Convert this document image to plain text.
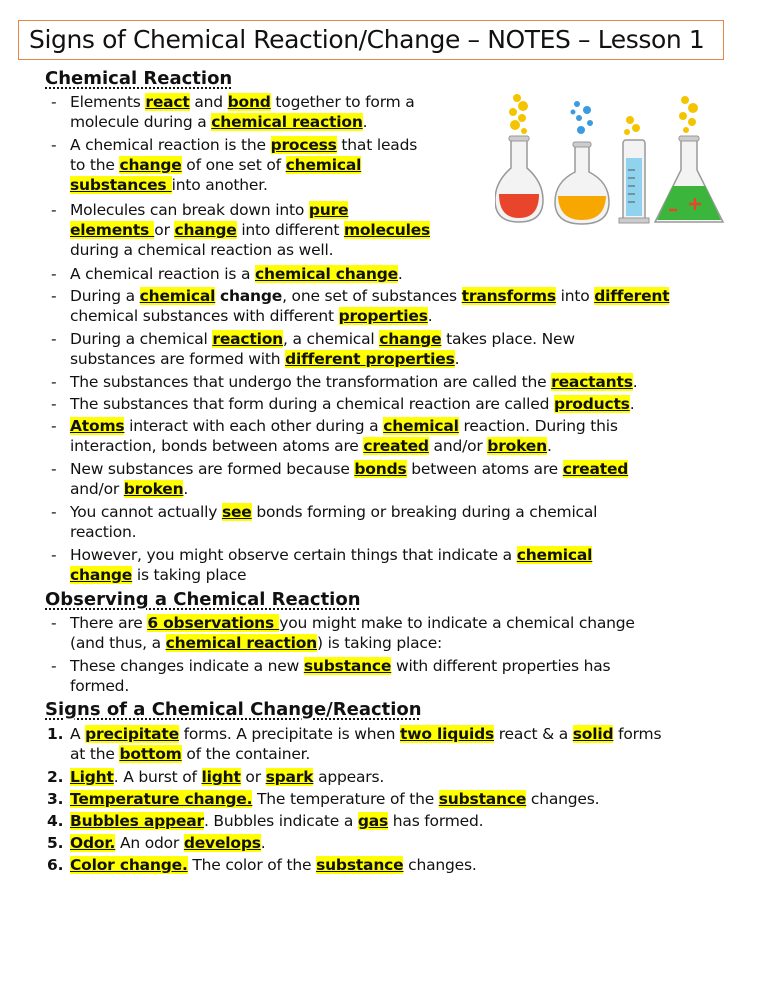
Signs of Chemical Reaction/Change – NOTES – Lesson 1
Chemical Reaction
- Elements react and bond together to form a
molecule during a chemical reaction.
- A chemical reaction is the process that leads
to the change of one set of chemical
substances into another.
- Molecules can break down into pure
elements or change into different molecules
during a chemical reaction as well.
- A chemical reaction is a chemical change.
- During a chemical change, one set of substances transforms into different
chemical substances with different properties.
- During a chemical reaction, a chemical change takes place. New
substances are formed with different properties.
- The substances that undergo the transformation are called the reactants.
- The substances that form during a chemical reaction are called products.
- Atoms interact with each other during a chemical reaction. During this
interaction, bonds between atoms are created and/or broken.
- New substances are formed because bonds between atoms are created
and/or broken.
- You cannot actually see bonds forming or breaking during a chemical
reaction.
- However, you might observe certain things that indicate a chemical
change is taking place
Observing a Chemical Reaction
- There are 6 observations you might make to indicate a chemical change
(and thus, a chemical reaction) is taking place:
- These changes indicate a new substance with different properties has
formed.
Signs of a Chemical Change/Reaction
1. A precipitate forms. A precipitate is when two liquids react & a solid forms
at the bottom of the container.
2. Light. A burst of light or spark appears.
3. Temperature change. The temperature of the substance changes.
4. Bubbles appear. Bubbles indicate a gas has formed.
5. Odor. An odor develops.
6. Color change. The color of the substance changes.
